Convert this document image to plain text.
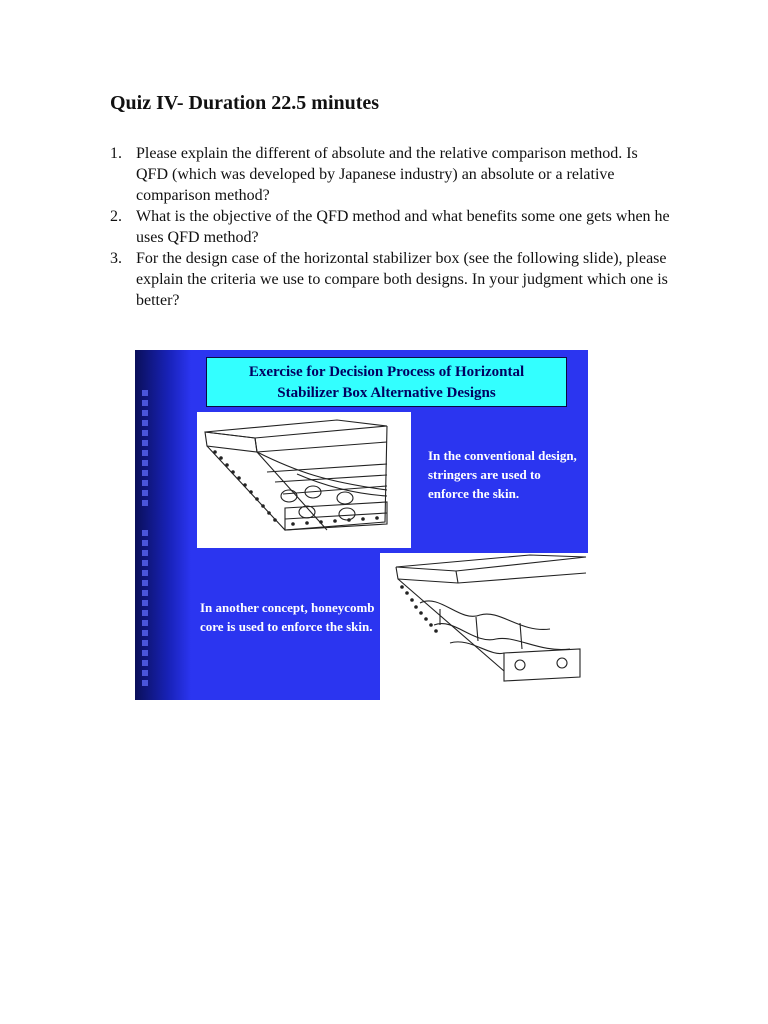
Quiz IV- Duration 22.5 minutes
1. Please explain the different of absolute and the relative comparison method. Is QFD (which was developed by Japanese industry) an absolute or a relative comparison method?
2. What is the objective of the QFD method and what benefits some one gets when he uses QFD method?
3. For the design case of the horizontal stabilizer box (see the following slide), please explain the criteria we use to compare both designs. In your judgment which one is better?
Exercise for Decision Process of Horizontal
Stabilizer Box Alternative Designs
In the conventional design, stringers are used to enforce the skin.
In another concept, honeycomb core is used to enforce the skin.
